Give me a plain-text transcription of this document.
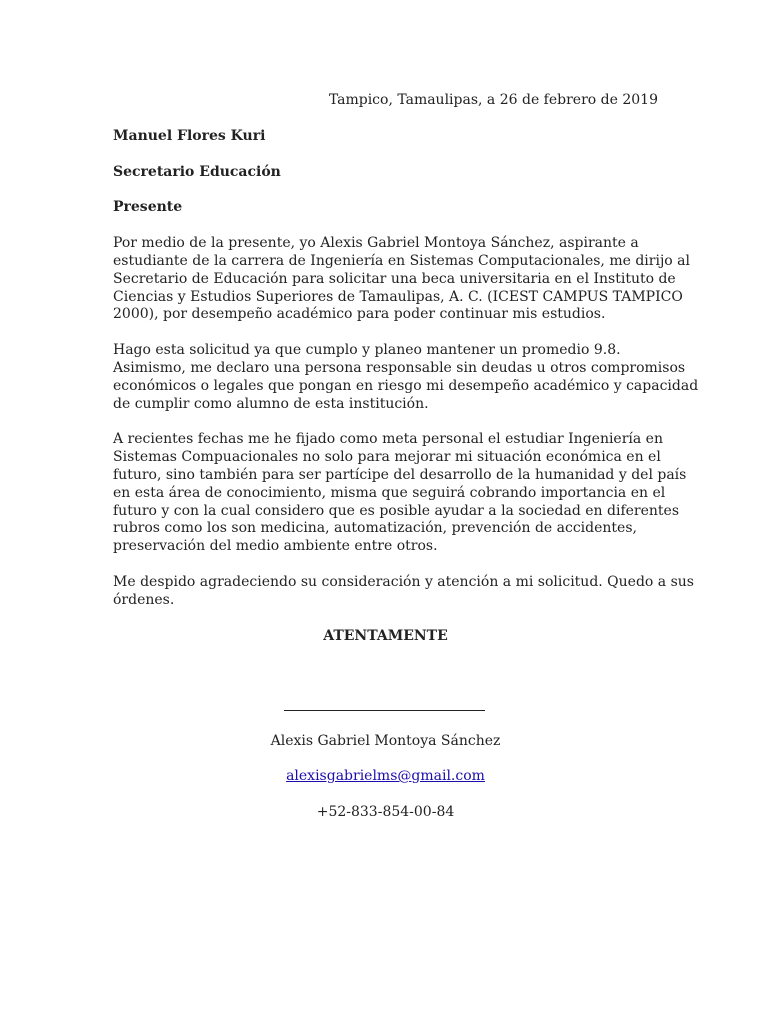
Tampico, Tamaulipas, a 26 de febrero de 2019

Manuel Flores Kuri

Secretario Educación

Presente

Por medio de la presente, yo Alexis Gabriel Montoya Sánchez, aspirante a
estudiante de la carrera de Ingeniería en Sistemas Computacionales, me dirijo al
Secretario de Educación para solicitar una beca universitaria en el Instituto de
Ciencias y Estudios Superiores de Tamaulipas, A. C. (ICEST CAMPUS TAMPICO
2000), por desempeño académico para poder continuar mis estudios.

Hago esta solicitud ya que cumplo y planeo mantener un promedio 9.8.
Asimismo, me declaro una persona responsable sin deudas u otros compromisos
económicos o legales que pongan en riesgo mi desempeño académico y capacidad
de cumplir como alumno de esta institución.

A recientes fechas me he fijado como meta personal el estudiar Ingeniería en
Sistemas Compuacionales no solo para mejorar mi situación económica en el
futuro, sino también para ser partícipe del desarrollo de la humanidad y del país
en esta área de conocimiento, misma que seguirá cobrando importancia en el
futuro y con la cual considero que es posible ayudar a la sociedad en diferentes
rubros como los son medicina, automatización, prevención de accidentes,
preservación del medio ambiente entre otros.

Me despido agradeciendo su consideración y atención a mi solicitud. Quedo a sus
órdenes.

ATENTAMENTE

Alexis Gabriel Montoya Sánchez
alexisgabrielms@gmail.com
+52-833-854-00-84
